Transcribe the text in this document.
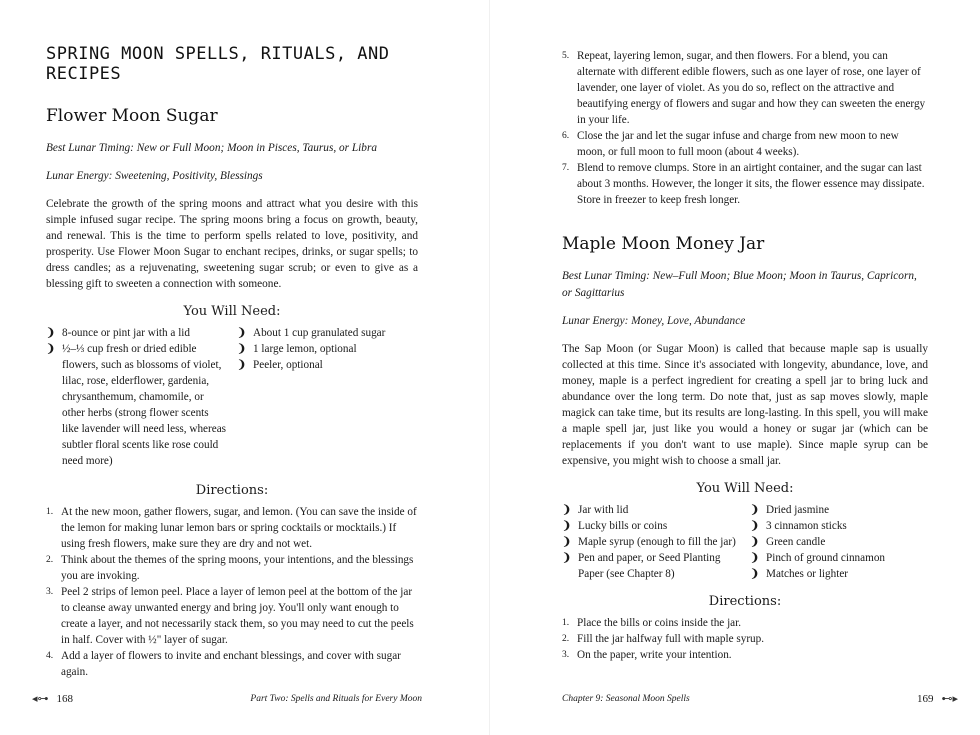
SPRING MOON SPELLS, RITUALS, AND RECIPES
Flower Moon Sugar

Best Lunar Timing: New or Full Moon; Moon in Pisces, Taurus, or Libra

Lunar Energy: Sweetening, Positivity, Blessings

Celebrate the growth of the spring moons and attract what you desire with this simple infused sugar recipe. The spring moons bring a focus on growth, beauty, and renewal. This is the time to perform spells related to love, positivity, and prosperity. Use Flower Moon Sugar to enchant recipes, drinks, or sugar spells; to dress candles; as a rejuvenating, sweetening sugar scrub; or even to give as a blessing gift to sweeten a connection with someone.

You Will Need:
❩ 8-ounce or pint jar with a lid
❩ ½–⅓ cup fresh or dried edible flowers, such as blossoms of violet, lilac, rose, elderflower, gardenia, chrysanthemum, chamomile, or other herbs (strong flower scents like lavender will need less, whereas subtler floral scents like rose could need more)
❩ About 1 cup granulated sugar
❩ 1 large lemon, optional
❩ Peeler, optional
Directions:
1. At the new moon, gather flowers, sugar, and lemon. (You can save the inside of the lemon for making lunar lemon bars or spring cocktails or mocktails.) If using fresh flowers, make sure they are dry and not wet.
2. Think about the themes of the spring moons, your intentions, and the blessings you are invoking.
3. Peel 2 strips of lemon peel. Place a layer of lemon peel at the bottom of the jar to cleanse away unwanted energy and bring joy. You'll only want enough to create a layer, and not necessarily stack them, so you may need to cut the peels in half. Cover with ½" layer of sugar.
4. Add a layer of flowers to invite and enchant blessings, and cover with sugar again.
◂⊶ 168	Part Two: Spells and Rituals for Every Moon
5. Repeat, layering lemon, sugar, and then flowers. For a blend, you can alternate with different edible flowers, such as one layer of rose, one layer of lavender, one layer of violet. As you do so, reflect on the attractive and beautifying energy of flowers and sugar and how they can sweeten the energy in your life.
6. Close the jar and let the sugar infuse and charge from new moon to new moon, or full moon to full moon (about 4 weeks).
7. Blend to remove clumps. Store in an airtight container, and the sugar can last about 3 months. However, the longer it sits, the flower essence may dissipate. Store in freezer to keep fresh longer.
Maple Moon Money Jar

Best Lunar Timing: New–Full Moon; Blue Moon; Moon in Taurus, Capricorn, or Sagittarius

Lunar Energy: Money, Love, Abundance

The Sap Moon (or Sugar Moon) is called that because maple sap is usually collected at this time. Since it's associated with longevity, abundance, love, and money, maple is a perfect ingredient for creating a spell jar to bring luck and abundance over the long term. Do note that, just as sap moves slowly, maple magick can take time, but its results are long-lasting. In this spell, you will make a maple spell jar, just like you would a honey or sugar jar (which can be replacements if you don't want to use maple). Since maple syrup can be expensive, you might wish to choose a small jar.

You Will Need:
❩ Jar with lid
❩ Lucky bills or coins
❩ Maple syrup (enough to fill the jar)
❩ Pen and paper, or Seed Planting Paper (see Chapter 8)
❩ Dried jasmine
❩ 3 cinnamon sticks
❩ Green candle
❩ Pinch of ground cinnamon
❩ Matches or lighter
Directions:
1. Place the bills or coins inside the jar.
2. Fill the jar halfway full with maple syrup.
3. On the paper, write your intention.
Chapter 9: Seasonal Moon Spells	169 ⊷▸
